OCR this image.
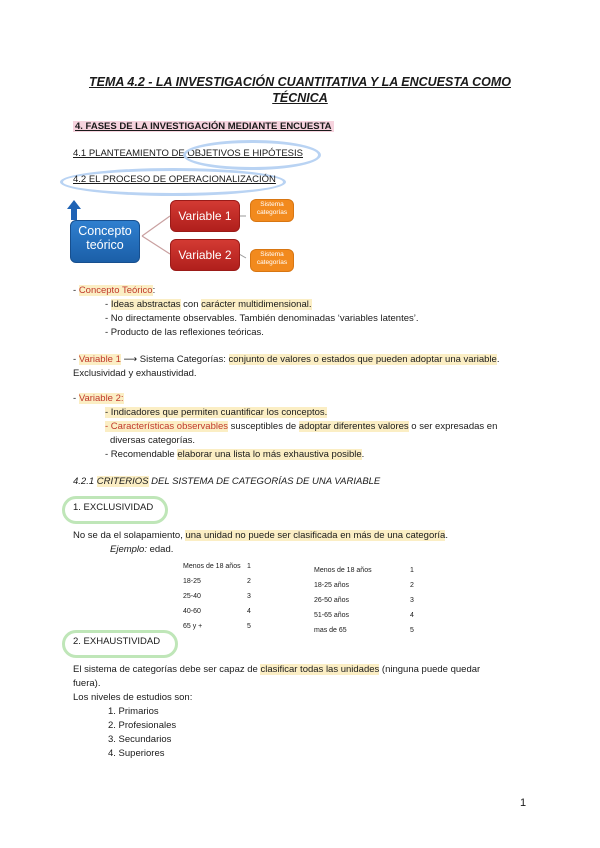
TEMA 4.2 - LA INVESTIGACIÓN CUANTITATIVA Y LA ENCUESTA COMO TÉCNICA
4. FASES DE LA INVESTIGACIÓN MEDIANTE ENCUESTA
4.1 PLANTEAMIENTO DE OBJETIVOS E HIPÓTESIS
4.2 EL PROCESO DE OPERACIONALIZACIÓN
Concepto teórico
Variable 1
Variable 2
Sistema categorías
Sistema categorías
- Concepto Teórico:
- Ideas abstractas con carácter multidimensional.
- No directamente observables. También denominadas ‘variables latentes’.
- Producto de las reflexiones teóricas.
- Variable 1 ⟶ Sistema Categorías: conjunto de valores o estados que pueden adoptar una variable.
Exclusividad y exhaustividad.
- Variable 2:
- Indicadores que permiten cuantificar los conceptos.
- Características observables susceptibles de adoptar diferentes valores o ser expresadas en
diversas categorías.
- Recomendable elaborar una lista lo más exhaustiva posible.
4.2.1 CRITERIOS DEL SISTEMA DE CATEGORÍAS DE UNA VARIABLE
1. EXCLUSIVIDAD
No se da el solapamiento, una unidad no puede ser clasificada en más de una categoría.
Ejemplo: edad.
Menos de 18 años 1
18-25	2
25-40	3
40-60	4
65 y +	5
Menos de 18 años	1
18-25 años	2
26-50 años	3
51-65 años	4
mas de 65	5
2. EXHAUSTIVIDAD
El sistema de categorías debe ser capaz de clasificar todas las unidades (ninguna puede quedar
fuera).
Los niveles de estudios son:
1. Primarios
2. Profesionales
3. Secundarios
4. Superiores
1
